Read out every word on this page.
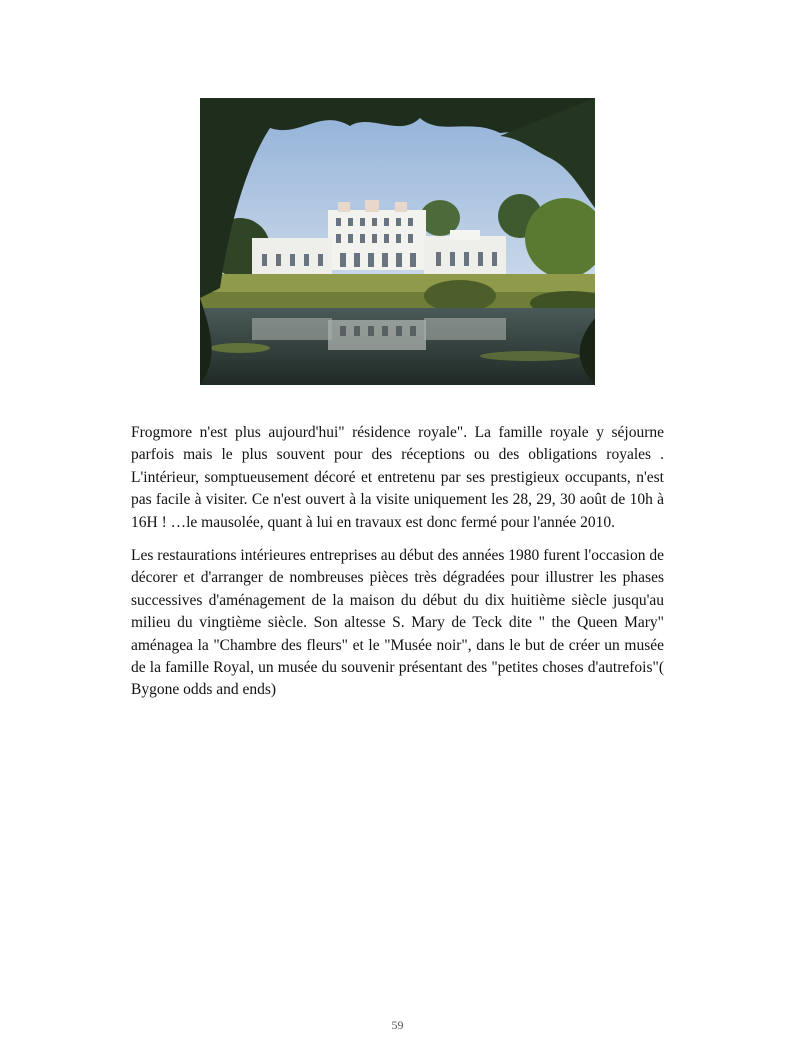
Frogmore n'est plus aujourd'hui" résidence royale". La famille royale y séjourne parfois mais le plus souvent pour des réceptions ou des obligations royales . L'intérieur, somptueusement décoré et entretenu par ses prestigieux occupants, n'est pas facile à visiter. Ce n'est ouvert à la visite uniquement les 28, 29, 30 août de 10h à 16H ! …le mausolée, quant à lui en travaux est donc fermé pour l'année 2010.

Les restaurations intérieures entreprises au début des années 1980 furent l'occasion de décorer et d'arranger de nombreuses pièces très dégradées pour illustrer les phases successives d'aménagement de la maison du début du dix huitième siècle jusqu'au milieu du vingtième siècle. Son altesse S. Mary de Teck dite " the Queen Mary" aménagea la "Chambre des fleurs" et le "Musée noir", dans le but de créer un musée de la famille Royal, un musée du souvenir présentant des "petites choses d'autrefois"( Bygone odds and ends)

59
